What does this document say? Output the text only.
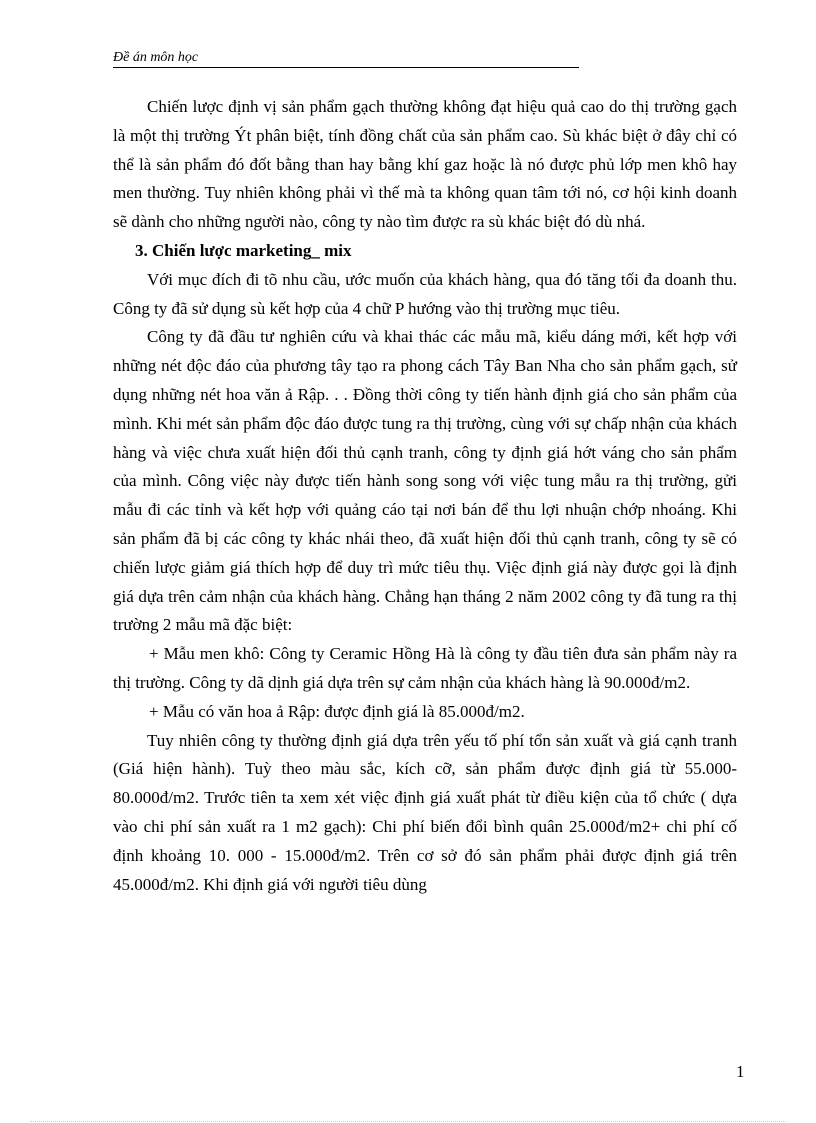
Đề án môn học

Chiến lược định vị sản phẩm gạch thường không đạt hiệu quả cao do thị trường gạch là một thị trường Ýt phân biệt, tính đồng chất của sản phẩm cao. Sù khác biệt ở đây chỉ có thể là sản phẩm đó đốt bằng than hay bằng khí gaz hoặc là nó được phủ lớp men khô hay men thường. Tuy nhiên không phải vì thế mà ta không quan tâm tới nó, cơ hội kinh doanh sẽ dành cho những người nào, công ty nào tìm được ra sù khác biệt đó dù nhá.

3. Chiến lược marketing_ mix

Với mục đích đi tõ nhu cầu, ước muốn của khách hàng, qua đó tăng tối đa doanh thu. Công ty đã sử dụng sù kết hợp của 4 chữ P hướng vào thị trường mục tiêu.

Công ty đã đầu tư nghiên cứu và khai thác các mẫu mã, kiểu dáng mới, kết hợp với những nét độc đáo của phương tây tạo ra phong cách Tây Ban Nha cho sản phẩm gạch, sử dụng những nét hoa văn ả Rập. . . Đồng thời công ty tiến hành định giá cho sản phẩm của mình. Khi mét sản phẩm độc đáo được tung ra thị trường, cùng với sự chấp nhận của khách hàng và việc chưa xuất hiện đối thủ cạnh tranh, công ty định giá hớt váng cho sản phẩm của mình. Công việc này được tiến hành song song với việc tung mẫu ra thị trường, gửi mẫu đi các tỉnh và kết hợp với quảng cáo tại nơi bán để thu lợi nhuận chớp nhoáng. Khi sản phẩm đã bị các công ty khác nhái theo, đã xuất hiện đối thủ cạnh tranh, công ty sẽ có chiến lược giảm giá thích hợp để duy trì mức tiêu thụ. Việc định giá này được gọi là định giá dựa trên cảm nhận của khách hàng. Chẳng hạn tháng 2 năm 2002 công ty đã tung ra thị trường 2 mẫu mã đặc biệt:

+ Mẫu men khô: Công ty Ceramic Hồng Hà là công ty đầu tiên đưa sản phẩm này ra thị trường. Công ty dã dịnh giá dựa trên sự cảm nhận của khách hàng là 90.000đ/m2.

+ Mẫu có văn hoa ả Rập: được định giá là 85.000đ/m2.

Tuy nhiên công ty thường định giá dựa trên yếu tố phí tổn sản xuất và giá cạnh tranh (Giá hiện hành). Tuỳ theo màu sắc, kích cỡ, sản phẩm được định giá từ 55.000-80.000đ/m2. Trước tiên ta xem xét việc định giá xuất phát từ điều kiện của tổ chức ( dựa vào chi phí sản xuất ra 1 m2 gạch): Chi phí biến đổi bình quân 25.000đ/m2+ chi phí cố định khoảng 10. 000 - 15.000đ/m2. Trên cơ sở đó sản phẩm phải được định giá trên 45.000đ/m2. Khi định giá với người tiêu dùng

1
